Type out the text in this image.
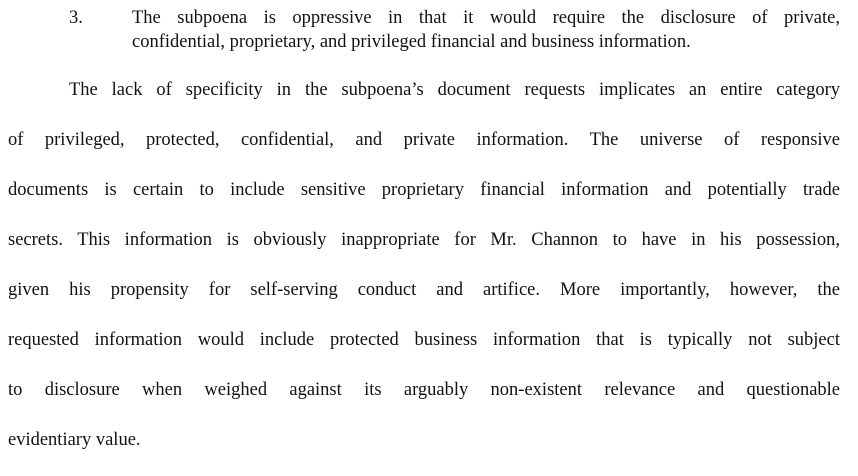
3.	The subpoena is oppressive in that it would require the disclosure of private,
confidential, proprietary, and privileged financial and business information.
The lack of specificity in the subpoena’s document requests implicates an entire category
of privileged, protected, confidential, and private information. The universe of responsive
documents is certain to include sensitive proprietary financial information and potentially trade
secrets. This information is obviously inappropriate for Mr. Channon to have in his possession,
given his propensity for self-serving conduct and artifice. More importantly, however, the
requested information would include protected business information that is typically not subject
to disclosure when weighed against its arguably non-existent relevance and questionable
evidentiary value.
